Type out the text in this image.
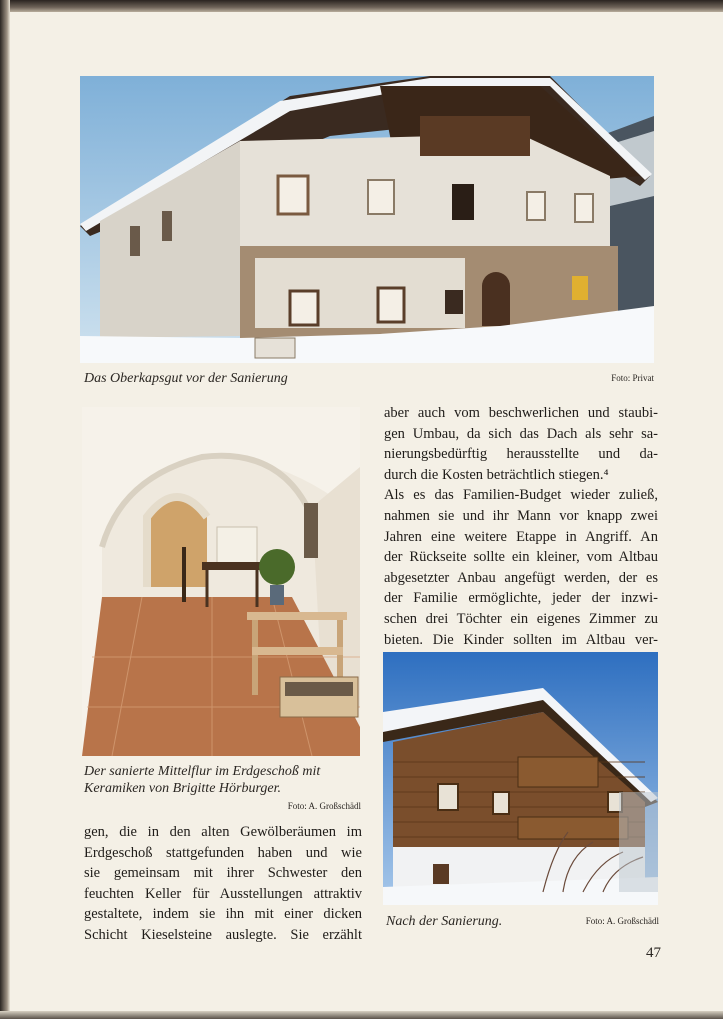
Das Oberkapsgut vor der Sanierung	Foto: Privat
Der sanierte Mittelflur im Erdgeschoß mit
Keramiken von Brigitte Hörburger.
Foto: A. Großschädl
gen, die in den alten Gewölberäumen im
Erdgeschoß stattgefunden haben und wie
sie gemeinsam mit ihrer Schwester den
feuchten Keller für Ausstellungen attraktiv
gestaltete, indem sie ihn mit einer dicken
Schicht Kieselsteine auslegte. Sie erzählt
aber auch vom beschwerlichen und staubi-
gen Umbau, da sich das Dach als sehr sa-
nierungsbedürftig herausstellte und da-
durch die Kosten beträchtlich stiegen.⁴
Als es das Familien-Budget wieder zuließ,
nahmen sie und ihr Mann vor knapp zwei
Jahren eine weitere Etappe in Angriff. An
der Rückseite sollte ein kleiner, vom Altbau
abgesetzter Anbau angefügt werden, der es
der Familie ermöglichte, jeder der inzwi-
schen drei Töchter ein eigenes Zimmer zu
bieten. Die Kinder sollten im Altbau ver-
Nach der Sanierung.	Foto: A. Großschädl
47
